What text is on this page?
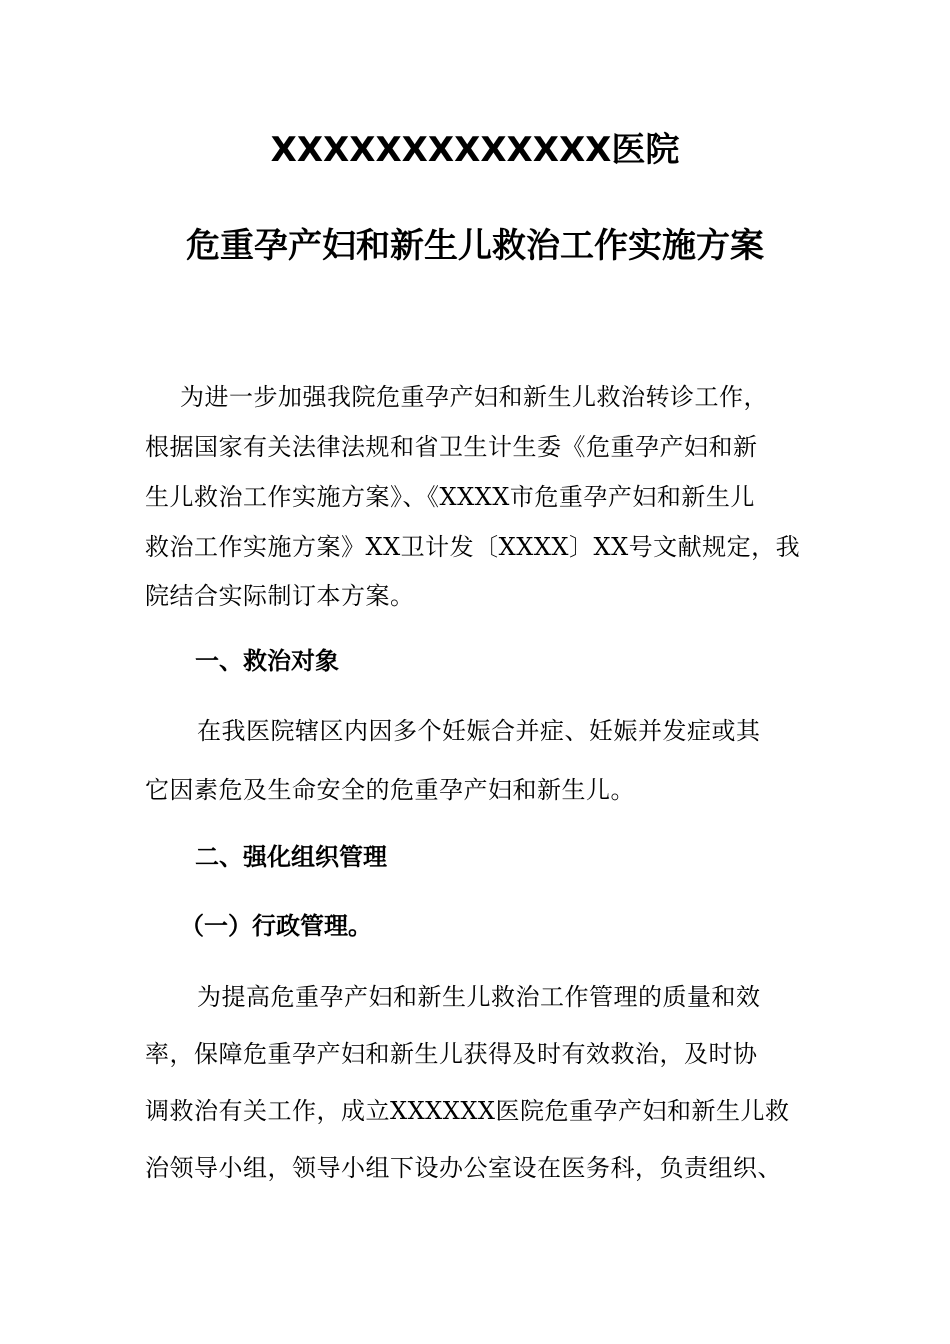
XXXXXXXXXXXXX医院
危重孕产妇和新生儿救治工作实施方案
为进一步加强我院危重孕产妇和新生儿救治转诊工作，
根据国家有关法律法规和省卫生计生委《危重孕产妇和新
生儿救治工作实施方案》、《XXXX市危重孕产妇和新生儿
救治工作实施方案》XX卫计发〔XXXX〕XX号文献规定，我
院结合实际制订本方案。
一、救治对象
在我医院辖区内因多个妊娠合并症、妊娠并发症或其
它因素危及生命安全的危重孕产妇和新生儿。
二、强化组织管理
（一）行政管理。
为提高危重孕产妇和新生儿救治工作管理的质量和效
率，保障危重孕产妇和新生儿获得及时有效救治，及时协
调救治有关工作，成立XXXXXX医院危重孕产妇和新生儿救
治领导小组，领导小组下设办公室设在医务科，负责组织、
